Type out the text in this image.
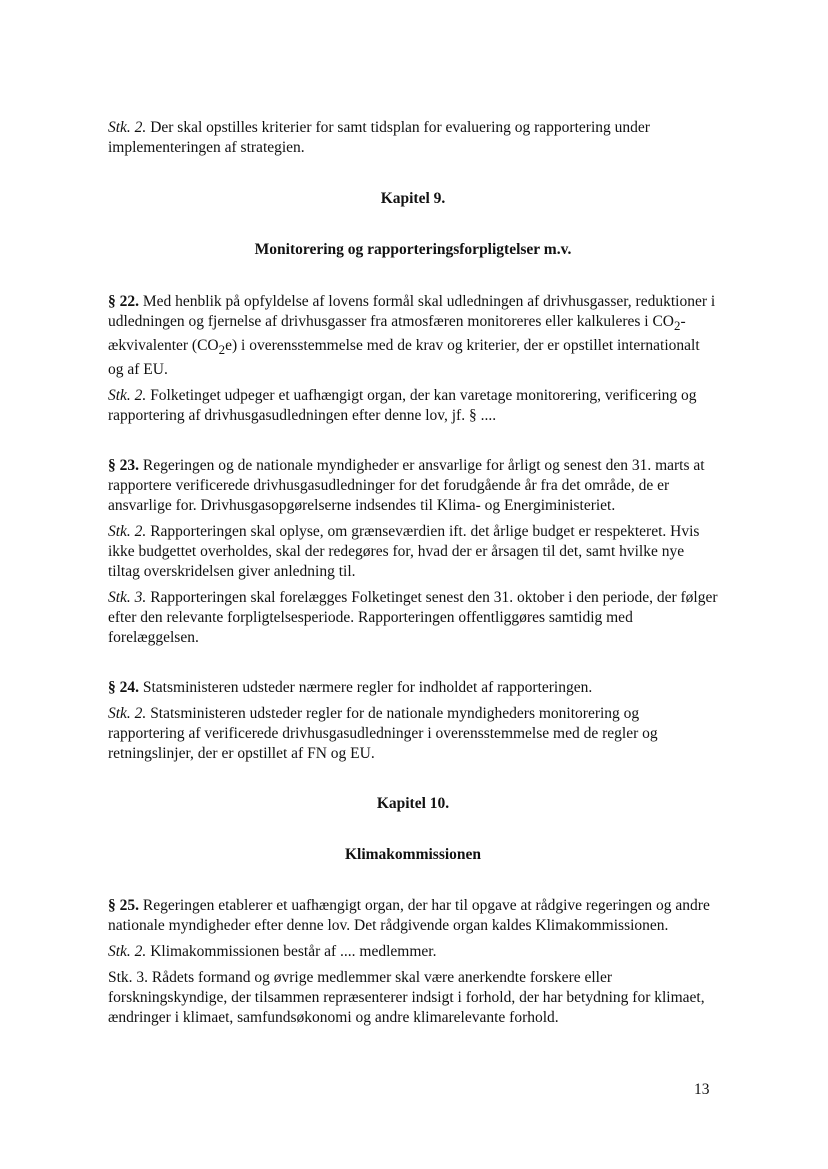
Stk. 2. Der skal opstilles kriterier for samt tidsplan for evaluering og rapportering under implementeringen af strategien.

Kapitel 9.

Monitorering og rapporteringsforpligtelser m.v.

§ 22. Med henblik på opfyldelse af lovens formål skal udledningen af drivhusgasser, reduktioner i udledningen og fjernelse af drivhusgasser fra atmosfæren monitoreres eller kalkuleres i $CO_2$-ækvivalenter $(CO_2e)$ i overensstemmelse med de krav og kriterier, der er opstillet internationalt og af EU.

Stk. 2. Folketinget udpeger et uafhængigt organ, der kan varetage monitorering, verificering og rapportering af drivhusgasudledningen efter denne lov, jf. § ....

§ 23. Regeringen og de nationale myndigheder er ansvarlige for årligt og senest den 31. marts at rapportere verificerede drivhusgasudledninger for det forudgående år fra det område, de er ansvarlige for. Drivhusgasopgørelserne indsendes til Klima- og Energiministeriet.

Stk. 2. Rapporteringen skal oplyse, om grænseværdien ift. det årlige budget er respekteret. Hvis ikke budgettet overholdes, skal der redegøres for, hvad der er årsagen til det, samt hvilke nye tiltag overskridelsen giver anledning til.

Stk. 3. Rapporteringen skal forelægges Folketinget senest den 31. oktober i den periode, der følger efter den relevante forpligtelsesperiode. Rapporteringen offentliggøres samtidig med forelæggelsen.

§ 24. Statsministeren udsteder nærmere regler for indholdet af rapporteringen.

Stk. 2. Statsministeren udsteder regler for de nationale myndigheders monitorering og rapportering af verificerede drivhusgasudledninger i overensstemmelse med de regler og retningslinjer, der er opstillet af FN og EU.

Kapitel 10.

Klimakommissionen

§ 25. Regeringen etablerer et uafhængigt organ, der har til opgave at rådgive regeringen og andre nationale myndigheder efter denne lov. Det rådgivende organ kaldes Klimakommissionen.

Stk. 2. Klimakommissionen består af .... medlemmer.

Stk. 3. Rådets formand og øvrige medlemmer skal være anerkendte forskere eller forskningskyndige, der tilsammen repræsenterer indsigt i forhold, der har betydning for klimaet, ændringer i klimaet, samfundsøkonomi og andre klimarelevante forhold.

13
